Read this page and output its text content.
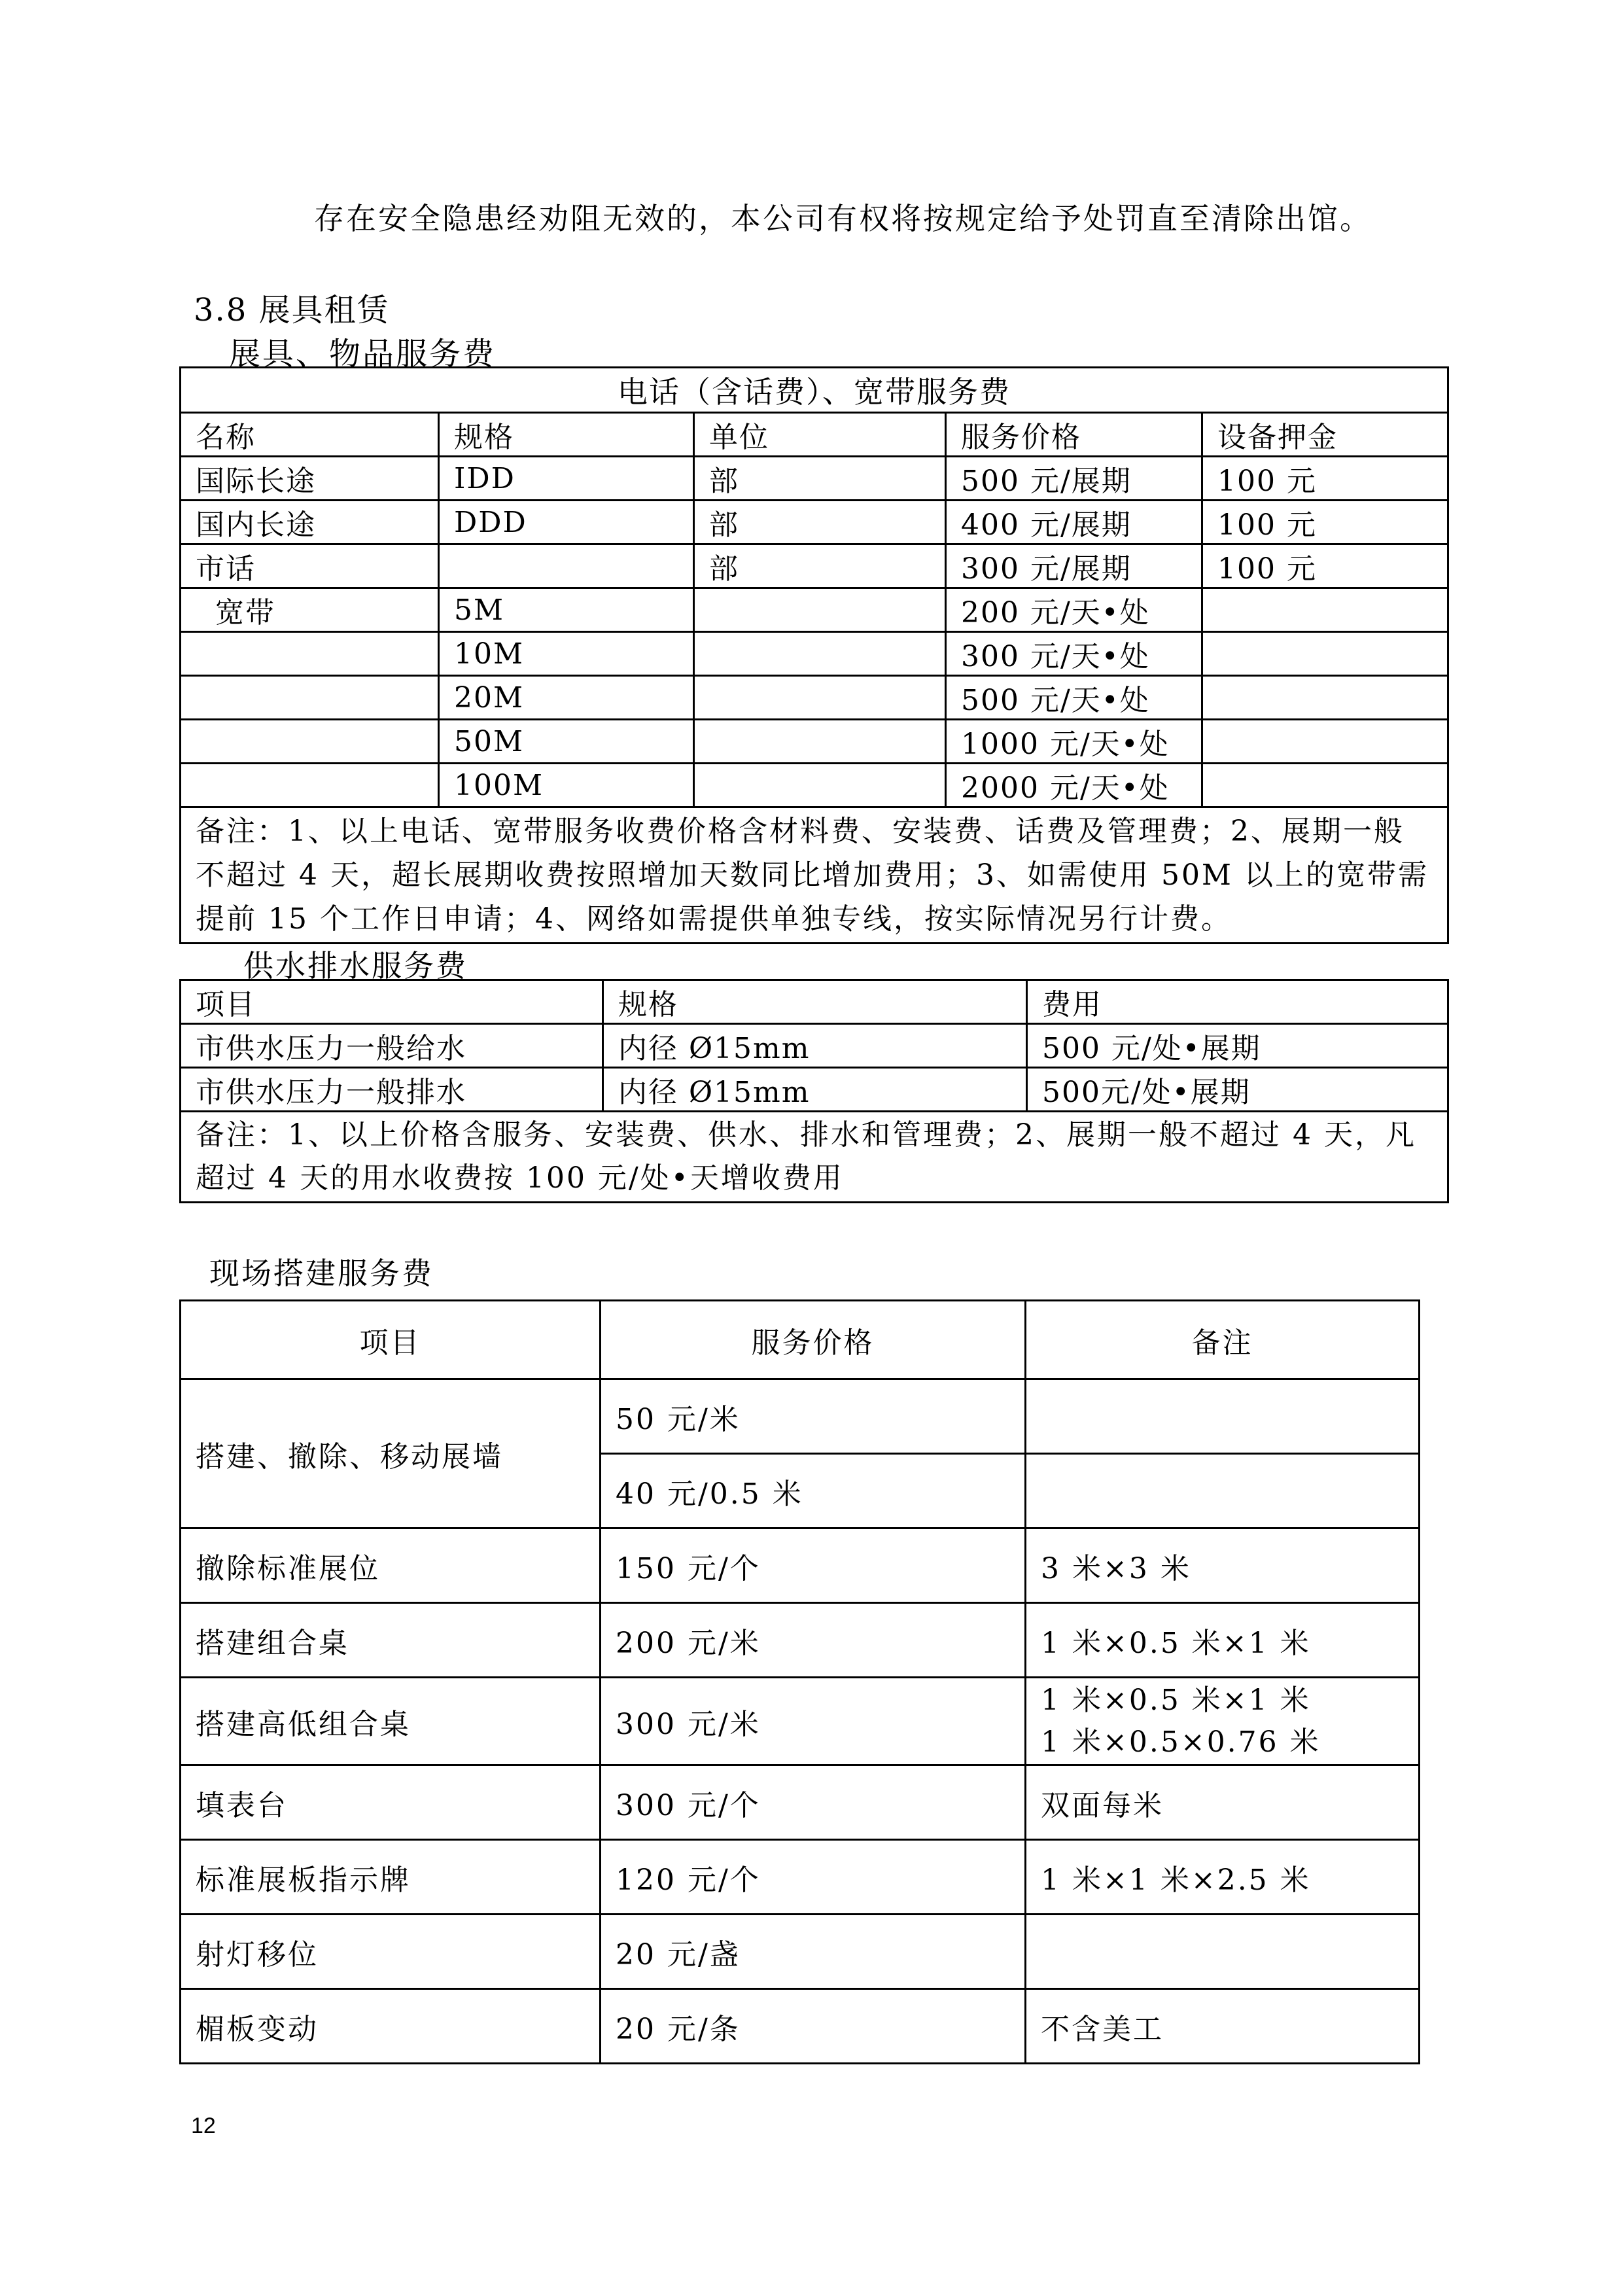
存在安全隐患经劝阻无效的，本公司有权将按规定给予处罚直至清除出馆。
3.8 展具租赁
展具、物品服务费
电话（含话费）、宽带服务费				
名称	规格	单位	服务价格	设备押金
国际长途	IDD	部	500 元/展期	100 元
国内长途	DDD	部	400 元/展期	100 元
市话		部	300 元/展期	100 元
宽带	5M		200 元/天•处	
	10M		300 元/天•处	
	20M		500 元/天•处	
	50M		1000 元/天•处	
	100M		2000 元/天•处	
备注：1、以上电话、宽带服务收费价格含材料费、安装费、话费及管理费；2、展期一般不超过 4 天，超长展期收费按照增加天数同比增加费用；3、如需使用 50M 以上的宽带需提前 15 个工作日申请；4、网络如需提供单独专线，按实际情况另行计费。				
供水排水服务费
项目	规格	费用
市供水压力一般给水	内径 Ø15mm	500 元/处•展期
市供水压力一般排水	内径 Ø15mm	500元/处•展期
备注：1、以上价格含服务、安装费、供水、排水和管理费；2、展期一般不超过 4 天，凡超过 4 天的用水收费按 100 元/处•天增收费用		
现场搭建服务费
项目	服务价格	备注
搭建、撤除、移动展墙	50 元/米	
	40 元/0.5 米	
撤除标准展位	150 元/个	3 米×3 米
搭建组合桌	200 元/米	1 米×0.5 米×1 米
搭建高低组合桌	300 元/米	1 米×0.5 米×1 米
1 米×0.5×0.76 米

填表台	300 元/个	双面每米
标准展板指示牌	120 元/个	1 米×1 米×2.5 米
射灯移位	20 元/盏	
楣板变动	20 元/条	不含美工
12
